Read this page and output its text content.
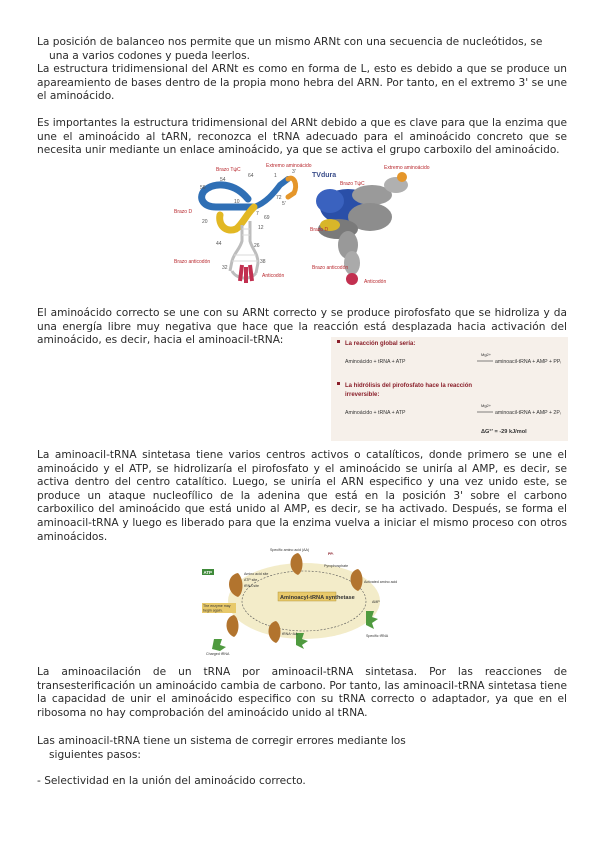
La posición de balanceo nos permite que un mismo ARNt con una secuencia de nucleótidos, se
una a varios codones y pueda leerlos.

La estructura tridimensional del ARNt es como en forma de L, esto es debido a que se produce un apareamiento de bases dentro de la propia mono hebra del ARN. Por tanto, en el extremo 3' se une el aminoácido.

Es importantes la estructura tridimensional del ARNt debido a que es clave para que la enzima que une el aminoácido al tARN, reconozca el tRNA adecuado para el aminoácido concreto que se necesita unir mediante un enlace aminoácido, ya que se activa el grupo carboxilo del aminoácido.

Brazo TψC
Extremo aminoácido
Brazo D
Brazo anticodón
Anticodón
54
64	1
3'
56
72
5'
7
69
12
20
44	26
32
38
10
TVdura
Brazo TψC
Extremo aminoácido
Brazo D
Brazo anticodón
Anticodón

El aminoácido correcto se une con su ARNt correcto y se produce pirofosfato que se hidroliza y da una energía libre muy negativa que hace que la reacción está desplazada hacia activación del aminoácido, es decir, hacia el aminoacil-tRNA:	La reacción global sería:
Mg2+
Aminoácido + tRNA + ATP	aminoacil-tRNA + AMP + PPᵢ
La hidrólisis del pirofosfato hace la reacción
irreversible:
Mg2+
Aminoácido + tRNA + ATP	aminoacil-tRNA + AMP + 2Pᵢ
ΔG°' = -29 kJ/mol

La aminoacil-tRNA sintetasa tiene varios centros activos o catalíticos, donde primero se une el aminoácido y el ATP, se hidrolizaría el pirofosfato y el aminoácido se uniría al AMP, es decir, se activa dentro del centro catalítico. Luego, se uniría el ARN especifico y una vez unido este, se produce un ataque nucleofílico de la adenina que está en la posición 3' sobre el carbono carboxilico del aminoácido que está unido al AMP, es decir, se ha activado. Después, se forma el aminoacil-tRNA y luego es liberado para que la enzima vuelva a iniciar el mismo proceso con otros aminoácidos.

Aminoacyl-tRNA synthetase
ATP
Specific amino acid (AA)
PPᵢ
Pyrophosphate
Amino acid site
ATP site
tRNA site
Activated amino acid
AMP
Specific tRNA
tRNA~AA
Charged tRNA
The enzyme may
begin again.

La aminoacilación de un tRNA por aminoacil-tRNA sintetasa. Por las reacciones de transesterificación un aminoácido cambia de carbono. Por tanto, las aminoacil-tRNA sintetasa tiene la capacidad de unir el aminoácido especifico con su tRNA correcto o adaptador, ya que en el ribosoma no hay comprobación del aminoácido unido al tRNA.

Las aminoacil-tRNA tiene un sistema de corregir errores mediante los
siguientes pasos:

- Selectividad en la unión del aminoácido correcto.
